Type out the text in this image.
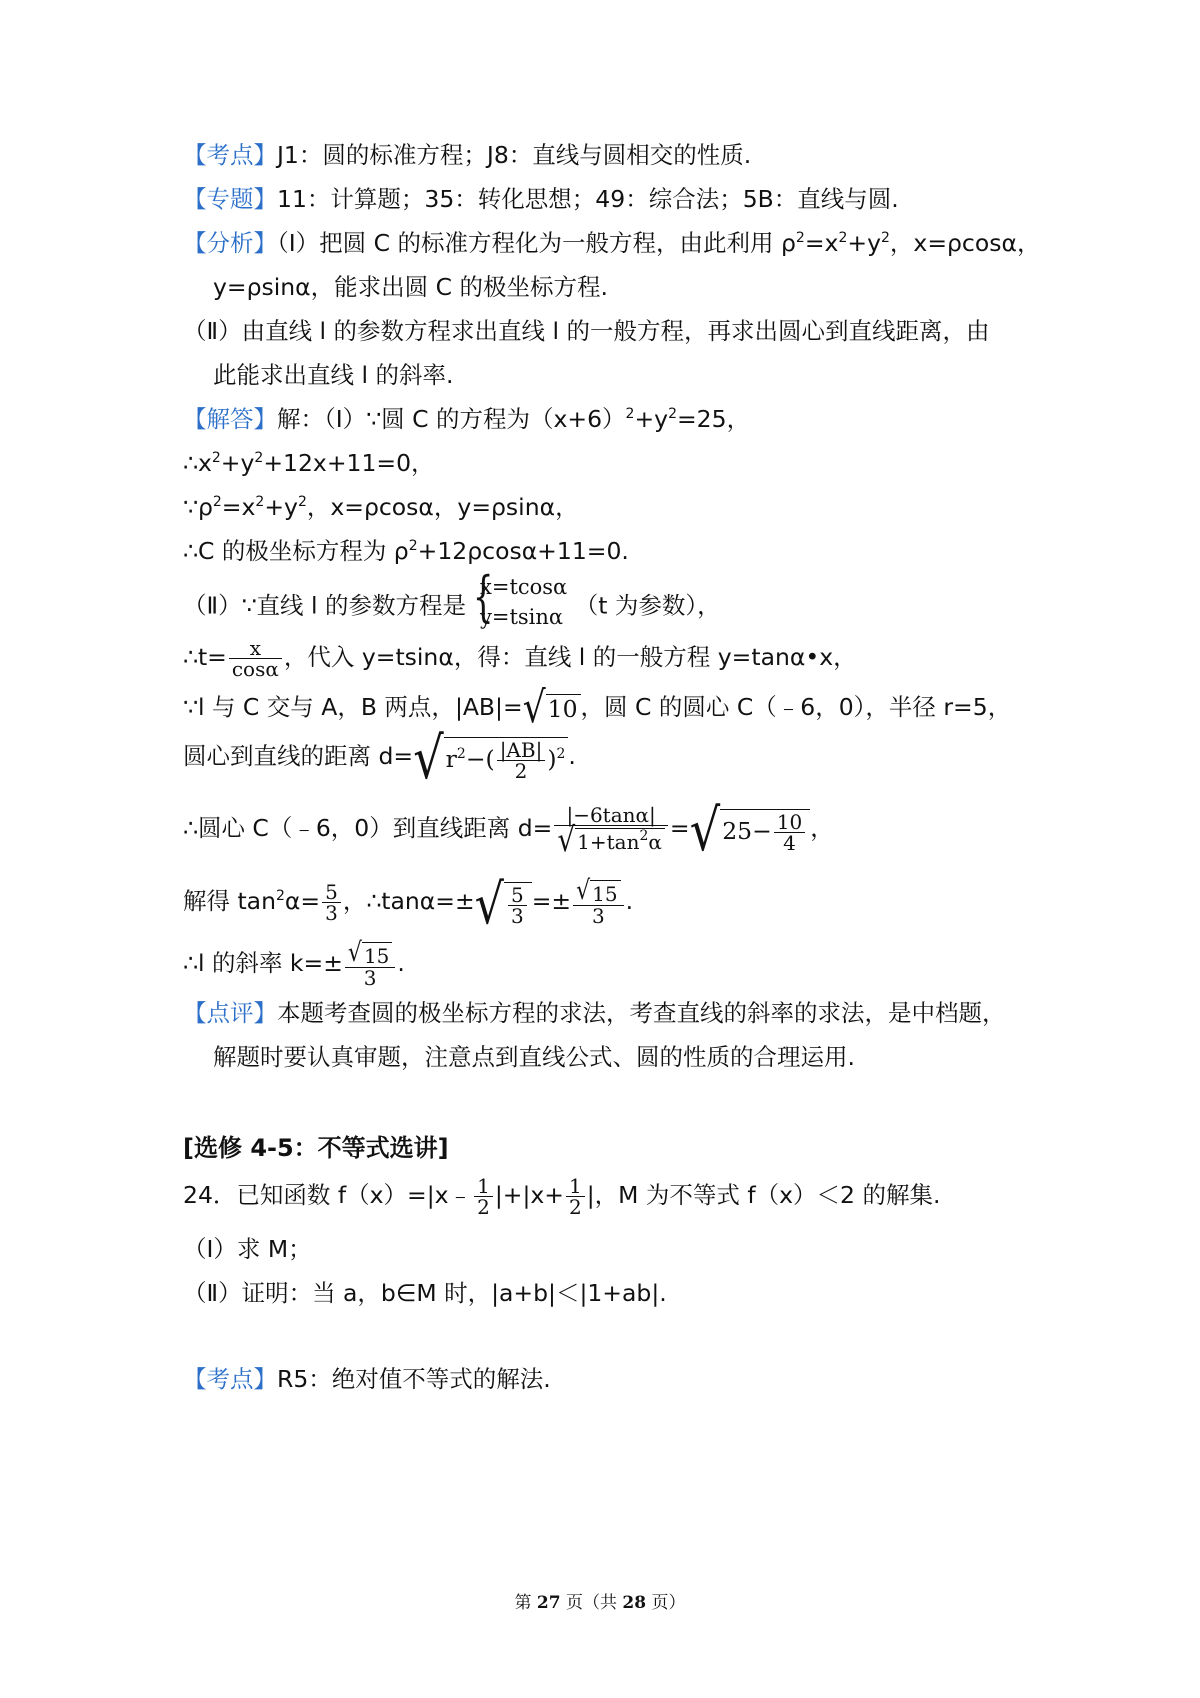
【考点】J1：圆的标准方程；J8：直线与圆相交的性质.
【专题】11：计算题；35：转化思想；49：综合法；5B：直线与圆.
【分析】（Ⅰ）把圆 C 的标准方程化为一般方程，由此利用 $\rho^2=x^2+y^2$，x=ρcosα，
y=ρsinα，能求出圆 C 的极坐标方程.
（Ⅱ）由直线 l 的参数方程求出直线 l 的一般方程，再求出圆心到直线距离，由
此能求出直线 l 的斜率.
【解答】解：（Ⅰ）∵圆 C 的方程为$(x+6)^2+y^2=25$，
$\therefore x^2+y^2+12x+11=0$，
$\because\rho^2=x^2+y^2$，x=ρcosα，y=ρsinα，
∴C 的极坐标方程为 $\rho^2+12\rho\cos\alpha+11=0$.
（Ⅱ）∵直线 l 的参数方程是 {
x=tcosα
y=tsinα （t 为参数），
∴t= $\frac{x}{\cos\alpha}$ ，代入 y=tsinα，得：直线 l 的一般方程 y=tanα•x，
∵l 与 C 交与 A，B 两点，|AB|=√10 ，圆 C 的圆心 C（﹣6，0），半径 r=5，
圆心到直线的距离 $d=√r^2-( \frac{|AB|}{2} )^2$ .
∴圆心 C（﹣6，0）到直线距离 $d= \frac{|-6\tan\alpha|}{√ 1+\tan^2\alpha} =√25- \frac{10}{4}$ ，
解得 $\tan^2\alpha= \frac{5}{3}$ ，∴tanα=±√ $\frac{5}{3} =\pm \frac{√ 15}{3}$ .
∴l 的斜率 $k=\pm \frac{√ 15}{3}$ .
【点评】本题考查圆的极坐标方程的求法，考查直线的斜率的求法，是中档题，
解题时要认真审题，注意点到直线公式、圆的性质的合理运用.
[选修 4-5：不等式选讲]
24．已知函数 f（x）=|x﹣ $\frac{1}{2} |+|x+ \frac{1}{2}$ |，M 为不等式 f（x）＜2 的解集.
（Ⅰ）求 M；
（Ⅱ）证明：当 a，b∈M 时，|a+b|＜|1+ab|.
【考点】R5：绝对值不等式的解法.
第 27 页（共 28 页）
